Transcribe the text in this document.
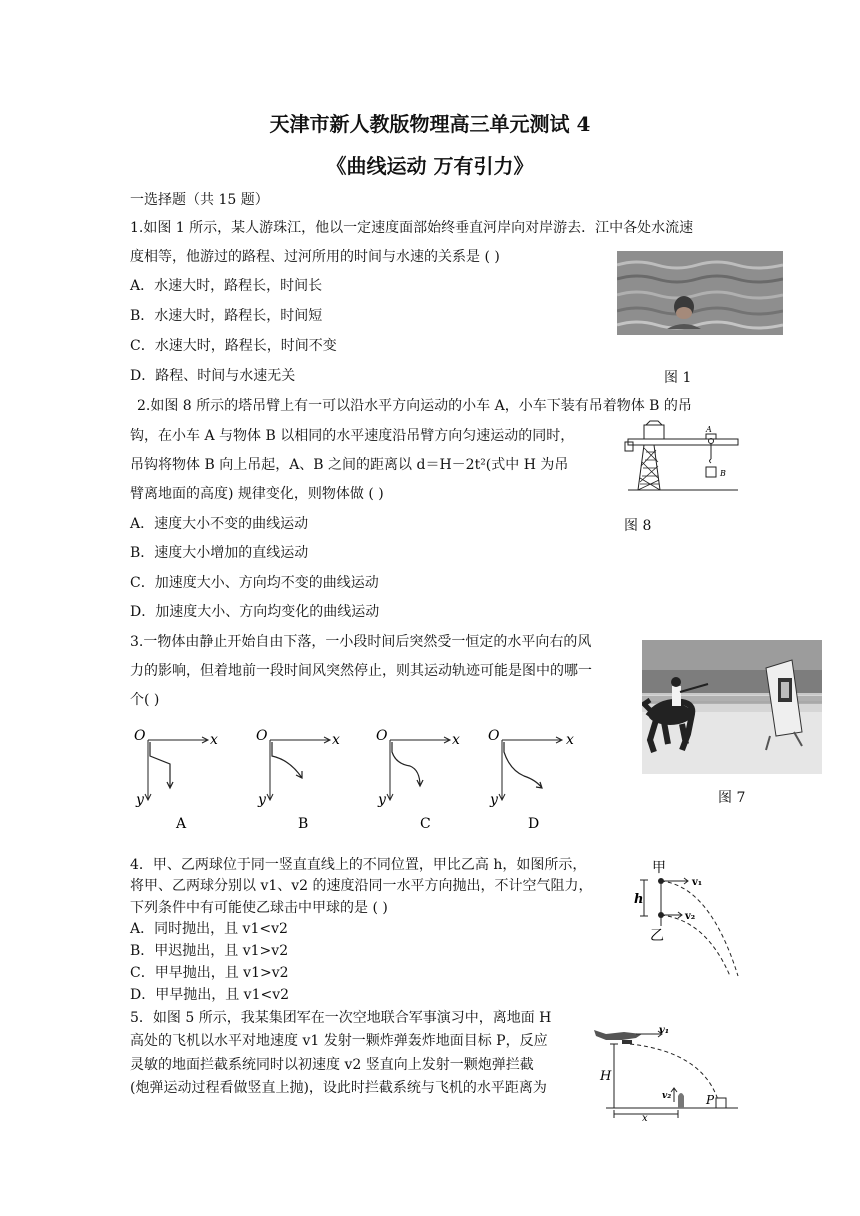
天津市新人教版物理高三单元测试 4
《曲线运动 万有引力》
一选择题（共 15 题）
1.如图 1 所示，某人游珠江，他以一定速度面部始终垂直河岸向对岸游去．江中各处水流速
度相等，他游过的路程、过河所用的时间与水速的关系是 ( )
A．水速大时，路程长，时间长
B．水速大时，路程长，时间短
C．水速大时，路程长，时间不变
D．路程、时间与水速无关	图 1
2.如图 8 所示的塔吊臂上有一可以沿水平方向运动的小车 A，小车下装有吊着物体 B 的吊
钩，在小车 A 与物体 B 以相同的水平速度沿吊臂方向匀速运动的同时，
吊钩将物体 B 向上吊起，A、B 之间的距离以 d＝H－2t²(式中 H 为吊
臂离地面的高度) 规律变化，则物体做 ( )
A．速度大小不变的曲线运动
B．速度大小增加的直线运动
C．加速度大小、方向均不变的曲线运动
D．加速度大小、方向均变化的曲线运动
A
B
图 8
3.一物体由静止开始自由下落，一小段时间后突然受一恒定的水平向右的风
力的影响，但着地前一段时间风突然停止，则其运动轨迹可能是图中的哪一
个( )
O	x
y
A
O	x
y
B
O	x
y
C
O	x
y
D
图 7
4．甲、乙两球位于同一竖直直线上的不同位置，甲比乙高 h，如图所示，
将甲、乙两球分别以 v1、v2 的速度沿同一水平方向抛出，不计空气阻力，
下列条件中有可能使乙球击中甲球的是 ( )
A．同时抛出，且 v1<v2
B．甲迟抛出，且 v1>v2
C．甲早抛出，且 v1>v2
D．甲早抛出，且 v1<v2
甲
乙
h
v₁
v₂
5．如图 5 所示，我某集团军在一次空地联合军事演习中，离地面 H
高处的飞机以水平对地速度 v1 发射一颗炸弹轰炸地面目标 P，反应
灵敏的地面拦截系统同时以初速度 v2 竖直向上发射一颗炮弹拦截
(炮弹运动过程看做竖直上抛)，设此时拦截系统与飞机的水平距离为
v₁
H
v₂	P
x
